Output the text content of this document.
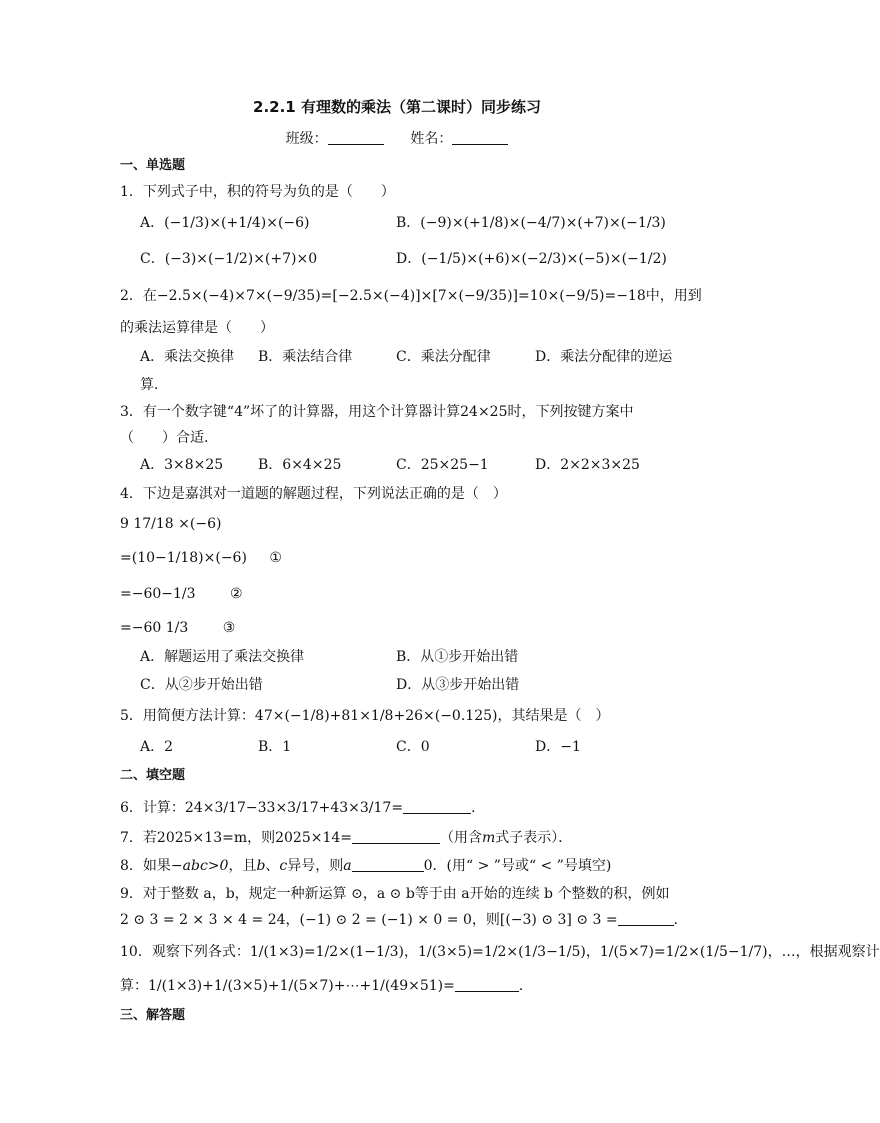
2.2.1 有理数的乘法（第二课时）同步练习
班级：	姓名：
一、单选题
1．下列式子中，积的符号为负的是（　　）
A．(−1/3)×(+1/4)×(−6)	B．(−9)×(+1/8)×(−4/7)×(+7)×(−1/3)
C．(−3)×(−1/2)×(+7)×0	D．(−1/5)×(+6)×(−2/3)×(−5)×(−1/2)
2．在−2.5×(−4)×7×(−9/35)=[−2.5×(−4)]×[7×(−9/35)]=10×(−9/5)=−18中，用到
的乘法运算律是（　　）
A．乘法交换律 B．乘法结合律	C．乘法分配律	D．乘法分配律的逆运
算．
3．有一个数字键“4”坏了的计算器，用这个计算器计算24×25时，下列按键方案中
（　　）合适．
A．3×8×25 B．6×4×25	C．25×25−1	D．2×2×3×25
4．下边是嘉淇对一道题的解题过程，下列说法正确的是（　）
9 17/18 ×(−6)
=(10−1/18)×(−6) ①
=−60−1/3 ②
=−60 1/3 ③
A．解题运用了乘法交换律	B．从①步开始出错
C．从②步开始出错	D．从③步开始出错
5．用简便方法计算：47×(−1/8)+81×1/8+26×(−0.125)，其结果是（　）
A．2	B．1	C．0	D．−1
二、填空题
6．计算：24×3/17−33×3/17+43×3/17=	．
7．若2025×13=m，则2025×14=	（用含m式子表示）．
8．如果−abc>0，且b、c异号，则a	0．(用“ > ”号或“ < ”号填空)
9．对于整数 a，b，规定一种新运算 ⊙，a ⊙ b等于由 a开始的连续 b 个整数的积，例如
2 ⊙ 3 = 2 × 3 × 4 = 24，(−1) ⊙ 2 = (−1) × 0 = 0，则[(−3) ⊙ 3] ⊙ 3 =	．
10．观察下列各式：1/(1×3)=1/2×(1−1/3)，1/(3×5)=1/2×(1/3−1/5)，1/(5×7)=1/2×(1/5−1/7)，…，根据观察计
算：1/(1×3)+1/(3×5)+1/(5×7)+⋯+1/(49×51)=	．
三、解答题
